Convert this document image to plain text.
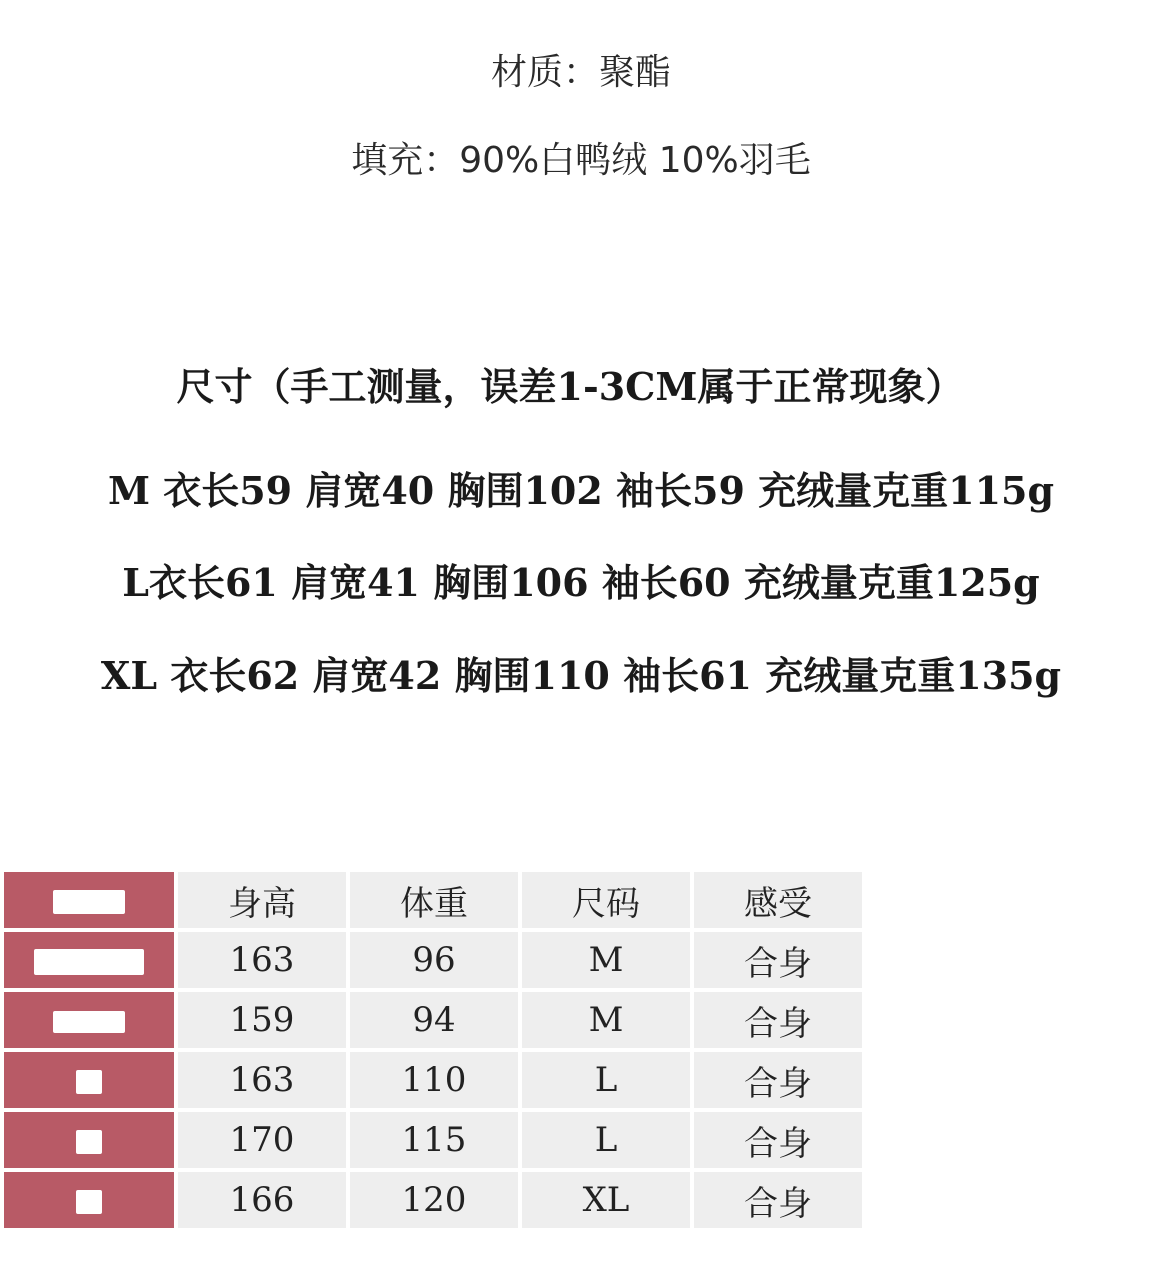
材质：聚酯
填充：90%白鸭绒 10%羽毛
尺寸（手工测量，误差1-3CM属于正常现象）
M 衣长59 肩宽40 胸围102 袖长59 充绒量克重115g
L衣长61 肩宽41 胸围106 袖长60 充绒量克重125g
XL 衣长62 肩宽42 胸围110 袖长61 充绒量克重135g
	身高	体重	尺码	感受
	163	96	M	合身
	159	94	M	合身
	163	110	L	合身
	170	115	L	合身
	166	120	XL	合身
